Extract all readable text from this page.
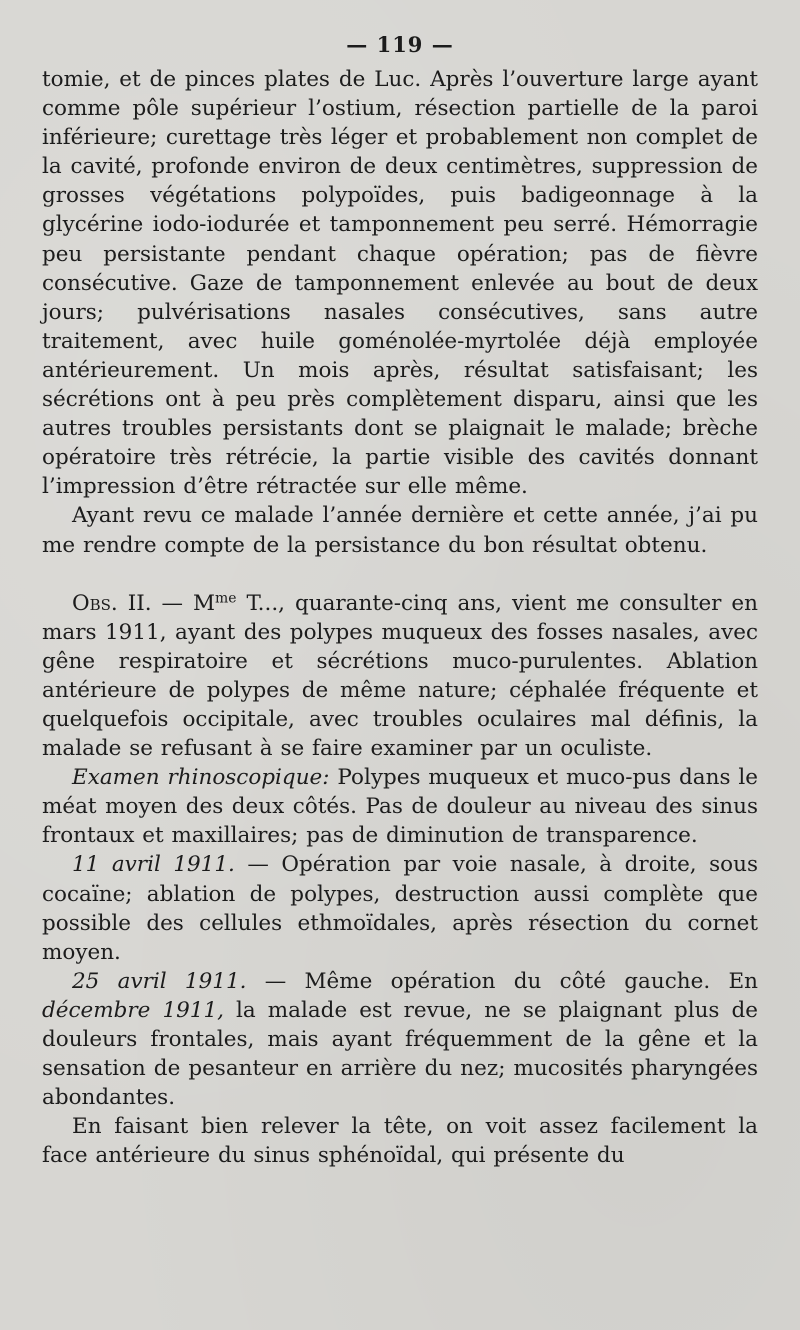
— 119 —

tomie, et de pinces plates de Luc. Après l’ouverture large ayant comme pôle supérieur l’ostium, résection partielle de la paroi inférieure; curettage très léger et probablement non complet de la cavité, profonde environ de deux centimètres, suppression de grosses végétations polypoïdes, puis badigeonnage à la glycérine iodo-iodurée et tamponnement peu serré. Hémorragie peu persistante pendant chaque opération; pas de fièvre consécutive. Gaze de tamponnement enlevée au bout de deux jours; pulvérisations nasales consécutives, sans autre traitement, avec huile goménolée-myrtolée déjà employée antérieurement. Un mois après, résultat satisfaisant; les sécrétions ont à peu près complètement disparu, ainsi que les autres troubles persistants dont se plaignait le malade; brèche opératoire très rétrécie, la partie visible des cavités donnant l’impression d’être rétractée sur elle même.

Ayant revu ce malade l’année dernière et cette année, j’ai pu me rendre compte de la persistance du bon résultat obtenu.

Obs. II. — $M^{me}$ T..., quarante-cinq ans, vient me consulter en mars 1911, ayant des polypes muqueux des fosses nasales, avec gêne respiratoire et sécrétions muco-purulentes. Ablation antérieure de polypes de même nature; céphalée fréquente et quelquefois occipitale, avec troubles oculaires mal définis, la malade se refusant à se faire examiner par un oculiste.

Examen rhinoscopique: Polypes muqueux et muco-pus dans le méat moyen des deux côtés. Pas de douleur au niveau des sinus frontaux et maxillaires; pas de diminution de transparence.

11 avril 1911. — Opération par voie nasale, à droite, sous cocaïne; ablation de polypes, destruction aussi complète que possible des cellules ethmoïdales, après résection du cornet moyen.

25 avril 1911. — Même opération du côté gauche. En décembre 1911, la malade est revue, ne se plaignant plus de douleurs frontales, mais ayant fréquemment de la gêne et la sensation de pesanteur en arrière du nez; mucosités pharyngées abondantes.

En faisant bien relever la tête, on voit assez facilement la face antérieure du sinus sphénoïdal, qui présente du
